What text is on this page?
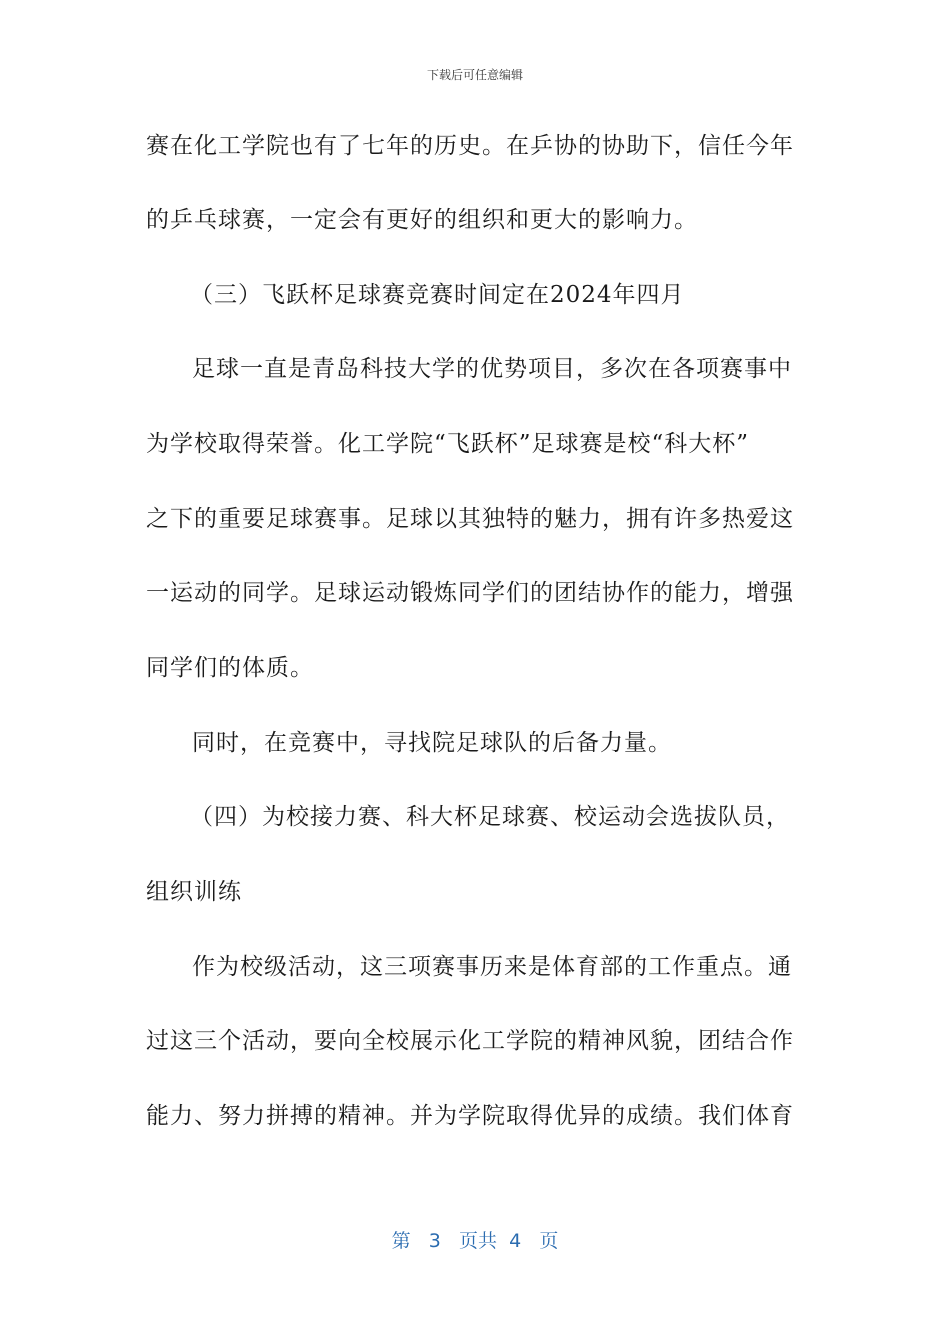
下载后可任意编辑
赛在化工学院也有了七年的历史。在乒协的协助下，信任今年
的乒乓球赛，一定会有更好的组织和更大的影响力。
（三）飞跃杯足球赛竞赛时间定在2024年四月
足球一直是青岛科技大学的优势项目，多次在各项赛事中
为学校取得荣誉。化工学院“飞跃杯”足球赛是校“科大杯”
之下的重要足球赛事。足球以其独特的魅力，拥有许多热爱这
一运动的同学。足球运动锻炼同学们的团结协作的能力，增强
同学们的体质。
同时，在竞赛中，寻找院足球队的后备力量。
（四）为校接力赛、科大杯足球赛、校运动会选拔队员，
组织训练
作为校级活动，这三项赛事历来是体育部的工作重点。通
过这三个活动，要向全校展示化工学院的精神风貌，团结合作
能力、努力拼搏的精神。并为学院取得优异的成绩。我们体育
第 3 页共 4 页
